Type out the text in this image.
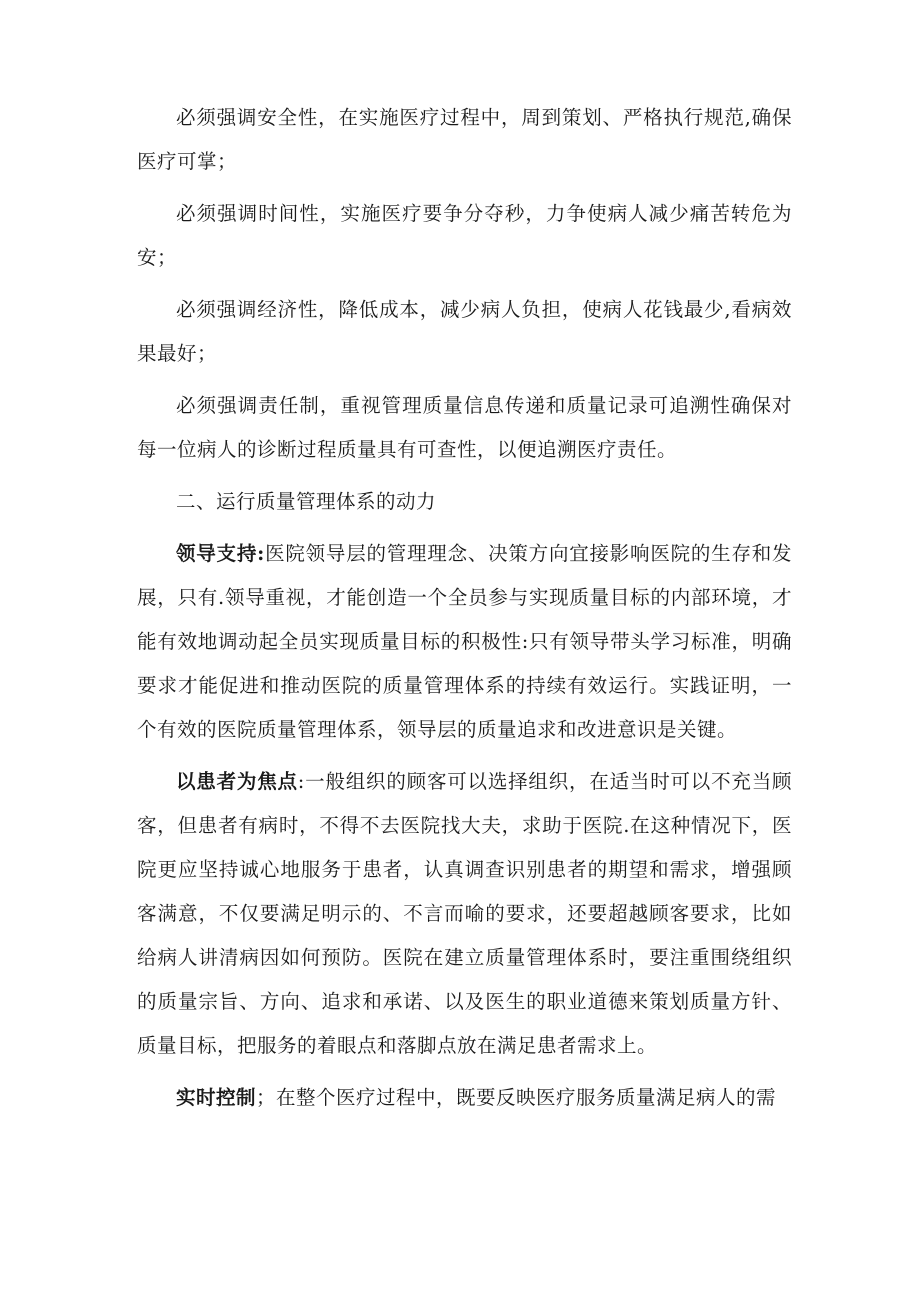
必须强调安全性，在实施医疗过程中，周到策划、严格执行规范,确保医疗可掌；

必须强调时间性，实施医疗要争分夺秒，力争使病人减少痛苦转危为安；

必须强调经济性，降低成本，减少病人负担，使病人花钱最少,看病效果最好；

必须强调责任制，重视管理质量信息传递和质量记录可追溯性确保对每一位病人的诊断过程质量具有可查性，以便追溯医疗责任。

二、运行质量管理体系的动力

领导支持:医院领导层的管理理念、决策方向宜接影响医院的生存和发展，只有.领导重视，才能创造一个全员参与实现质量目标的内部环境，才能有效地调动起全员实现质量目标的积极性:只有领导带头学习标准，明确要求才能促进和推动医院的质量管理体系的持续有效运行。实践证明，一个有效的医院质量管理体系，领导层的质量追求和改进意识是关键。

以患者为焦点:一般组织的顾客可以选择组织，在适当时可以不充当顾客，但患者有病时，不得不去医院找大夫，求助于医院.在这种情况下，医院更应坚持诚心地服务于患者，认真调查识别患者的期望和需求，增强顾客满意，不仅要满足明示的、不言而喻的要求，还要超越顾客要求，比如给病人讲清病因如何预防。医院在建立质量管理体系时，要注重围绕组织的质量宗旨、方向、追求和承诺、以及医生的职业道德来策划质量方针、质量目标，把服务的着眼点和落脚点放在满足患者需求上。

实时控制；在整个医疗过程中，既要反映医疗服务质量满足病人的需
